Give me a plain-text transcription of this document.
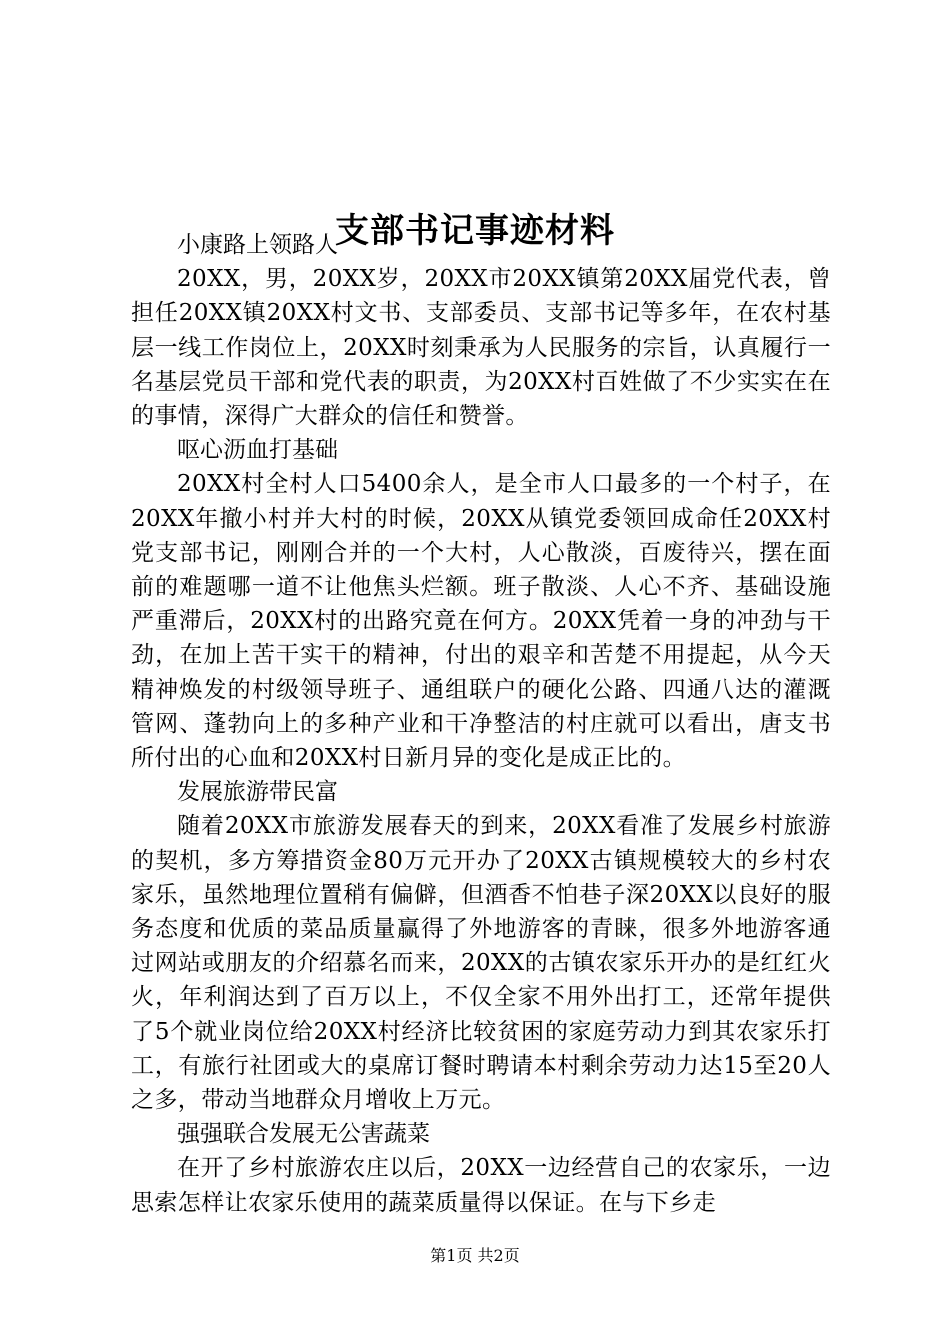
支部书记事迹材料

小康路上领路人

20XX，男，20XX岁，20XX市20XX镇第20XX届党代表，曾担任20XX镇20XX村文书、支部委员、支部书记等多年，在农村基层一线工作岗位上，20XX时刻秉承为人民服务的宗旨，认真履行一名基层党员干部和党代表的职责，为20XX村百姓做了不少实实在在的事情，深得广大群众的信任和赞誉。

呕心沥血打基础

20XX村全村人口5400余人，是全市人口最多的一个村子，在20XX年撤小村并大村的时候，20XX从镇党委领回成命任20XX村党支部书记，刚刚合并的一个大村，人心散淡，百废待兴，摆在面前的难题哪一道不让他焦头烂额。班子散淡、人心不齐、基础设施严重滞后，20XX村的出路究竟在何方。20XX凭着一身的冲劲与干劲，在加上苦干实干的精神，付出的艰辛和苦楚不用提起，从今天精神焕发的村级领导班子、通组联户的硬化公路、四通八达的灌溉管网、蓬勃向上的多种产业和干净整洁的村庄就可以看出，唐支书所付出的心血和20XX村日新月异的变化是成正比的。

发展旅游带民富

随着20XX市旅游发展春天的到来，20XX看准了发展乡村旅游的契机，多方筹措资金80万元开办了20XX古镇规模较大的乡村农家乐，虽然地理位置稍有偏僻，但酒香不怕巷子深20XX以良好的服务态度和优质的菜品质量赢得了外地游客的青睐，很多外地游客通过网站或朋友的介绍慕名而来，20XX的古镇农家乐开办的是红红火火，年利润达到了百万以上，不仅全家不用外出打工，还常年提供了5个就业岗位给20XX村经济比较贫困的家庭劳动力到其农家乐打工，有旅行社团或大的桌席订餐时聘请本村剩余劳动力达15至20人之多，带动当地群众月增收上万元。

强强联合发展无公害蔬菜

在开了乡村旅游农庄以后，20XX一边经营自己的农家乐，一边思索怎样让农家乐使用的蔬菜质量得以保证。在与下乡走

第1页 共2页
